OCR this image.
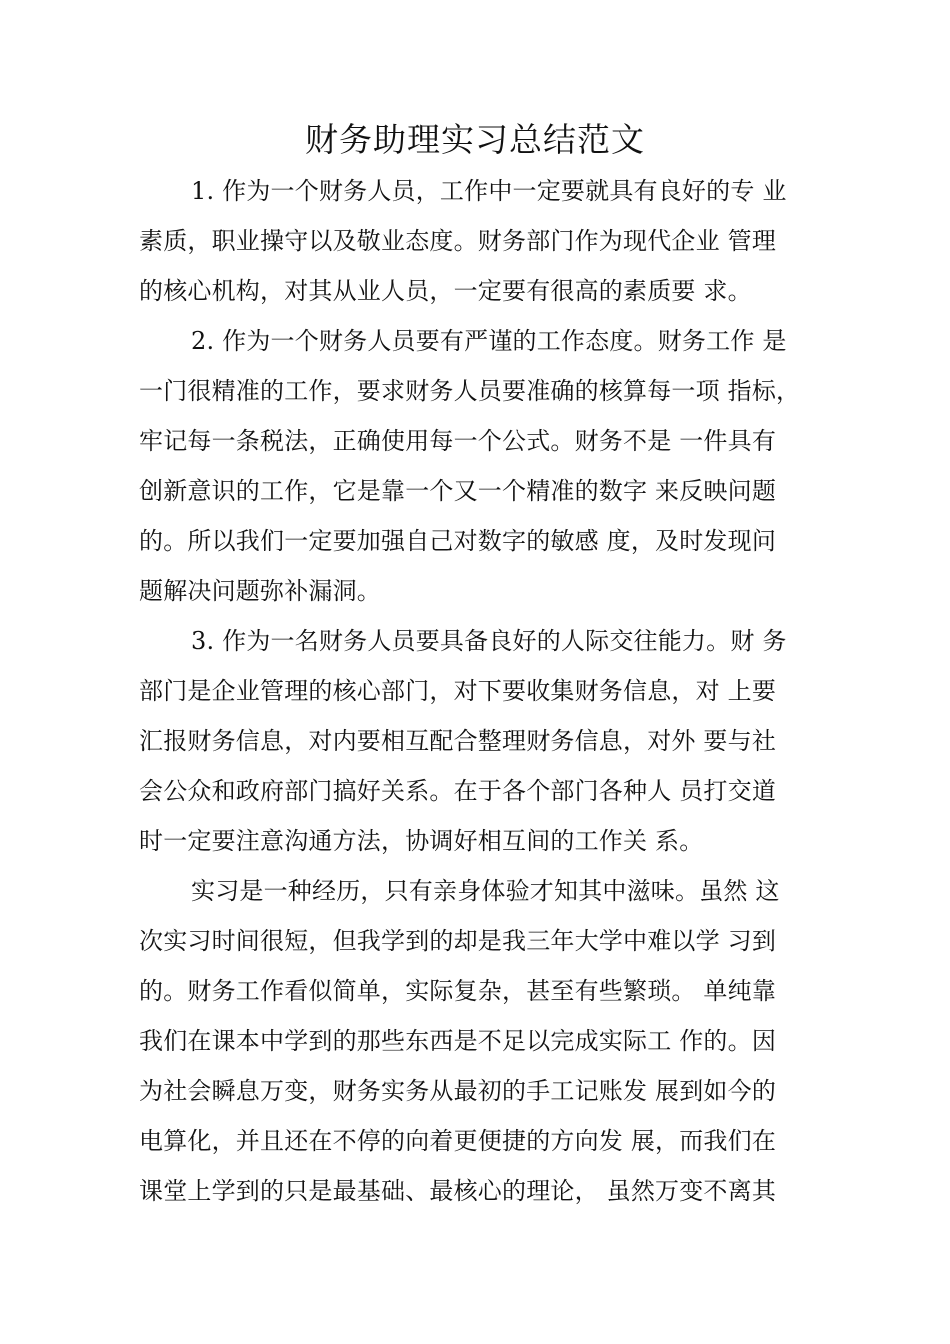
财务助理实习总结范文
1. 作为一个财务人员，工作中一定要就具有良好的专 业
素质，职业操守以及敬业态度。财务部门作为现代企业 管理
的核心机构，对其从业人员，一定要有很高的素质要 求。
2. 作为一个财务人员要有严谨的工作态度。财务工作 是
一门很精准的工作，要求财务人员要准确的核算每一项 指标，
牢记每一条税法，正确使用每一个公式。财务不是 一件具有
创新意识的工作，它是靠一个又一个精准的数字 来反映问题
的。所以我们一定要加强自己对数字的敏感 度，及时发现问
题解决问题弥补漏洞。
3. 作为一名财务人员要具备良好的人际交往能力。财 务
部门是企业管理的核心部门，对下要收集财务信息，对 上要
汇报财务信息，对内要相互配合整理财务信息，对外 要与社
会公众和政府部门搞好关系。在于各个部门各种人 员打交道
时一定要注意沟通方法，协调好相互间的工作关 系。
实习是一种经历，只有亲身体验才知其中滋味。虽然 这
次实习时间很短，但我学到的却是我三年大学中难以学 习到
的。财务工作看似简单，实际复杂，甚至有些繁琐。 单纯靠
我们在课本中学到的那些东西是不足以完成实际工 作的。因
为社会瞬息万变，财务实务从最初的手工记账发 展到如今的
电算化，并且还在不停的向着更便捷的方向发 展，而我们在
课堂上学到的只是最基础、最核心的理论， 虽然万变不离其
